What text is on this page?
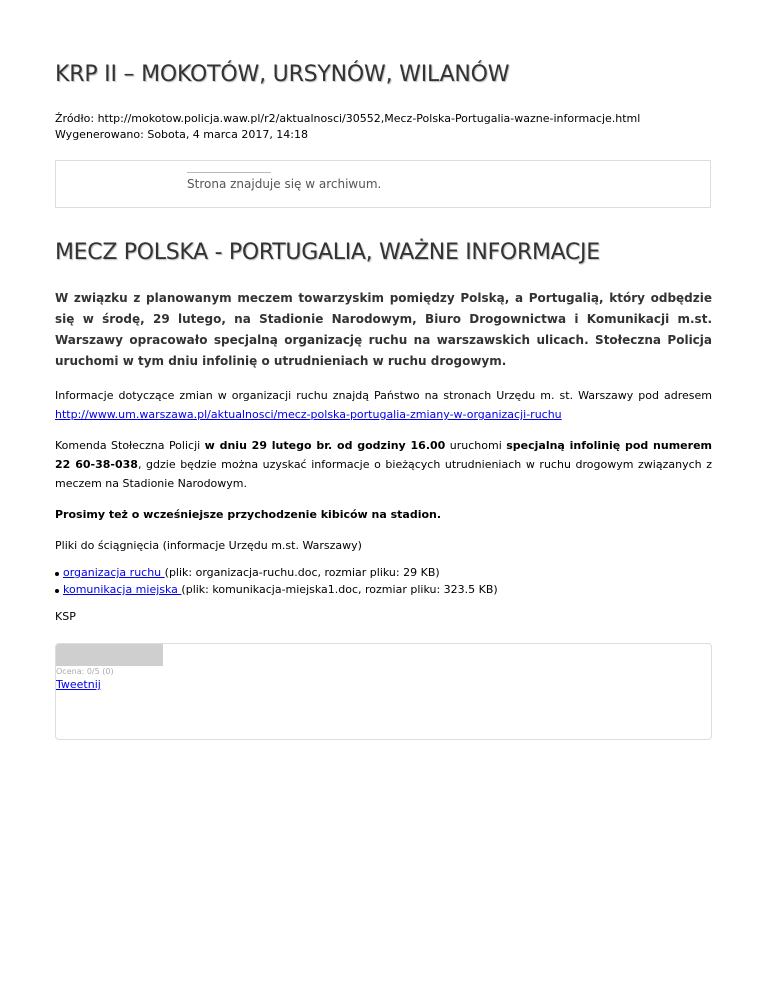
KRP II – MOKOTÓW, URSYNÓW, WILANÓW
Źródło: http://mokotow.policja.waw.pl/r2/aktualnosci/30552,Mecz-Polska-Portugalia-wazne-informacje.html
Wygenerowano: Sobota, 4 marca 2017, 14:18
Strona znajduje się w archiwum.
MECZ POLSKA - PORTUGALIA, WAŻNE INFORMACJE

W związku z planowanym meczem towarzyskim pomiędzy Polską, a Portugalią, który odbędzie się w środę, 29 lutego, na Stadionie Narodowym, Biuro Drogownictwa i Komunikacji m.st. Warszawy opracowało specjalną organizację ruchu na warszawskich ulicach. Stołeczna Policja uruchomi w tym dniu infolinię o utrudnieniach w ruchu drogowym.

Informacje dotyczące zmian w organizacji ruchu znajdą Państwo na stronach Urzędu m. st. Warszawy pod adresem http://www.um.warszawa.pl/aktualnosci/mecz-polska-portugalia-zmiany-w-organizacji-ruchu

Komenda Stołeczna Policji w dniu 29 lutego br. od godziny 16.00 uruchomi specjalną infolinię pod numerem 22 60-38-038, gdzie będzie można uzyskać informacje o bieżących utrudnieniach w ruchu drogowym związanych z meczem na Stadionie Narodowym.

Prosimy też o wcześniejsze przychodzenie kibiców na stadion.

Pliki do ściągnięcia (informacje Urzędu m.st. Warszawy)

organizacja ruchu (plik: organizacja-ruchu.doc, rozmiar pliku: 29 KB)
komunikacja miejska (plik: komunikacja-miejska1.doc, rozmiar pliku: 323.5 KB)

KSP

Ocena: 0/5 (0)
Tweetnij
